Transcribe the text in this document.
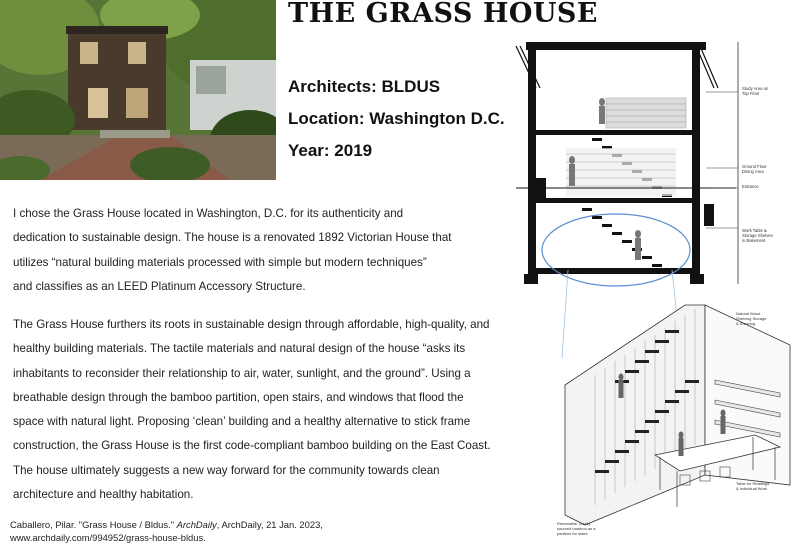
THE GRASS HOUSE

Architects: BLDUS

Location: Washington D.C.

Year: 2019

I chose the Grass House located in Washington, D.C. for its authenticity and
dedication to sustainable design. The house is a renovated 1892 Victorian House that
utilizes “natural building materials processed with simple but modern techniques”
and classifies as an LEED Platinum Accessory Structure.
The Grass House furthers its roots in sustainable design through affordable, high-quality, and
healthy building materials. The tactile materials and natural design of the house “asks its
inhabitants to reconsider their relationship to air, water, sunlight, and the ground”. Using a
breathable design through the bamboo partition, open stairs, and windows that flood the
space with natural light. Proposing ‘clean’ building and a healthy alternative to stick frame
construction, the Grass House is the first code-compliant bamboo building on the East Coast.
The house ultimately suggests a new way forward for the community towards clean
architecture and healthy habitation.
Caballero, Pilar. "Grass House / Bldus." ArchDaily, ArchDaily, 21 Jan. 2023,
www.archdaily.com/994952/grass-house-bldus.
Study Area on
Top Floor
Ground Floor
Dining Area
Entrance
Work Table &
Storage Shelves
in Basement
Natural Wood
Shelving Storage
& Shelving
Table for Readings
& Individual Work
Renewable, locally
sourced bamboo as a
partition for stairs
